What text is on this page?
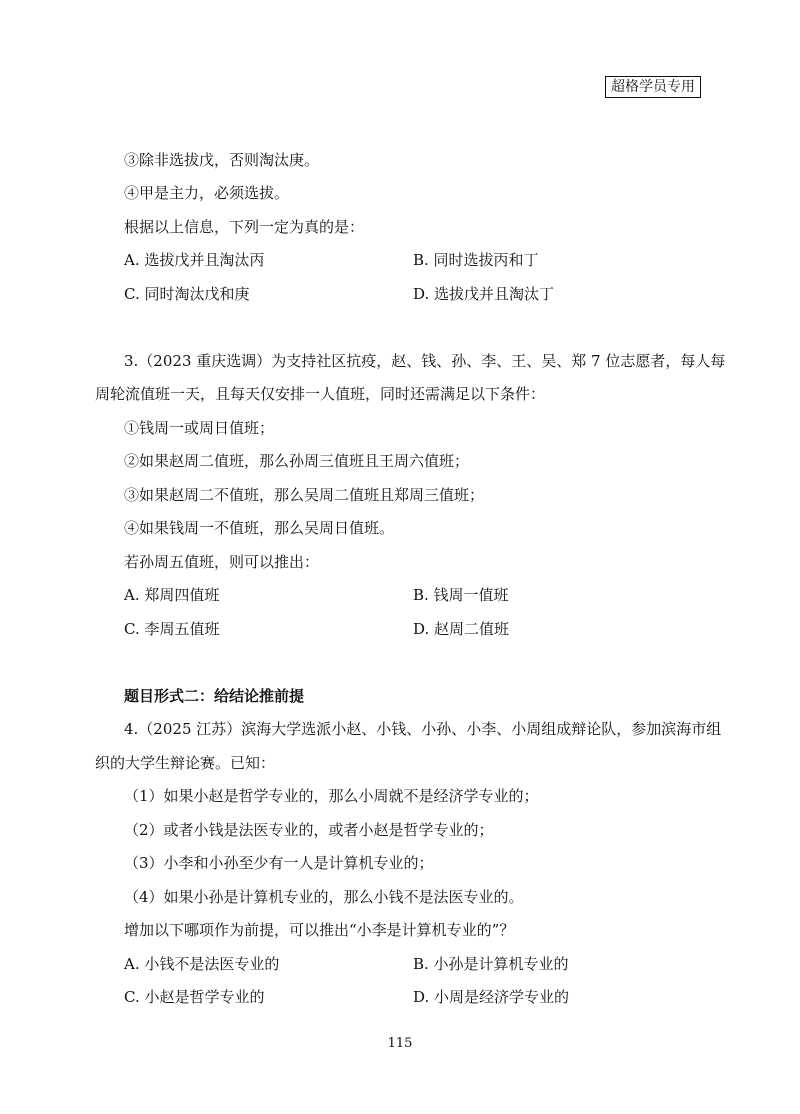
超格学员专用
③除非选拔戊，否则淘汰庚。
④甲是主力，必须选拔。
根据以上信息，下列一定为真的是：
A. 选拔戊并且淘汰丙	B. 同时选拔丙和丁
C. 同时淘汰戊和庚	D. 选拔戊并且淘汰丁
3.（2023 重庆选调）为支持社区抗疫，赵、钱、孙、李、王、吴、郑 7 位志愿者，每人每
周轮流值班一天，且每天仅安排一人值班，同时还需满足以下条件：
①钱周一或周日值班；
②如果赵周二值班，那么孙周三值班且王周六值班；
③如果赵周二不值班，那么吴周二值班且郑周三值班；
④如果钱周一不值班，那么吴周日值班。
若孙周五值班，则可以推出：
A. 郑周四值班	B. 钱周一值班
C. 李周五值班	D. 赵周二值班
题目形式二：给结论推前提
4.（2025 江苏）滨海大学选派小赵、小钱、小孙、小李、小周组成辩论队，参加滨海市组
织的大学生辩论赛。已知：
（1）如果小赵是哲学专业的，那么小周就不是经济学专业的；
（2）或者小钱是法医专业的，或者小赵是哲学专业的；
（3）小李和小孙至少有一人是计算机专业的；
（4）如果小孙是计算机专业的，那么小钱不是法医专业的。
增加以下哪项作为前提，可以推出“小李是计算机专业的”？
A. 小钱不是法医专业的	B. 小孙是计算机专业的
C. 小赵是哲学专业的	D. 小周是经济学专业的
115
